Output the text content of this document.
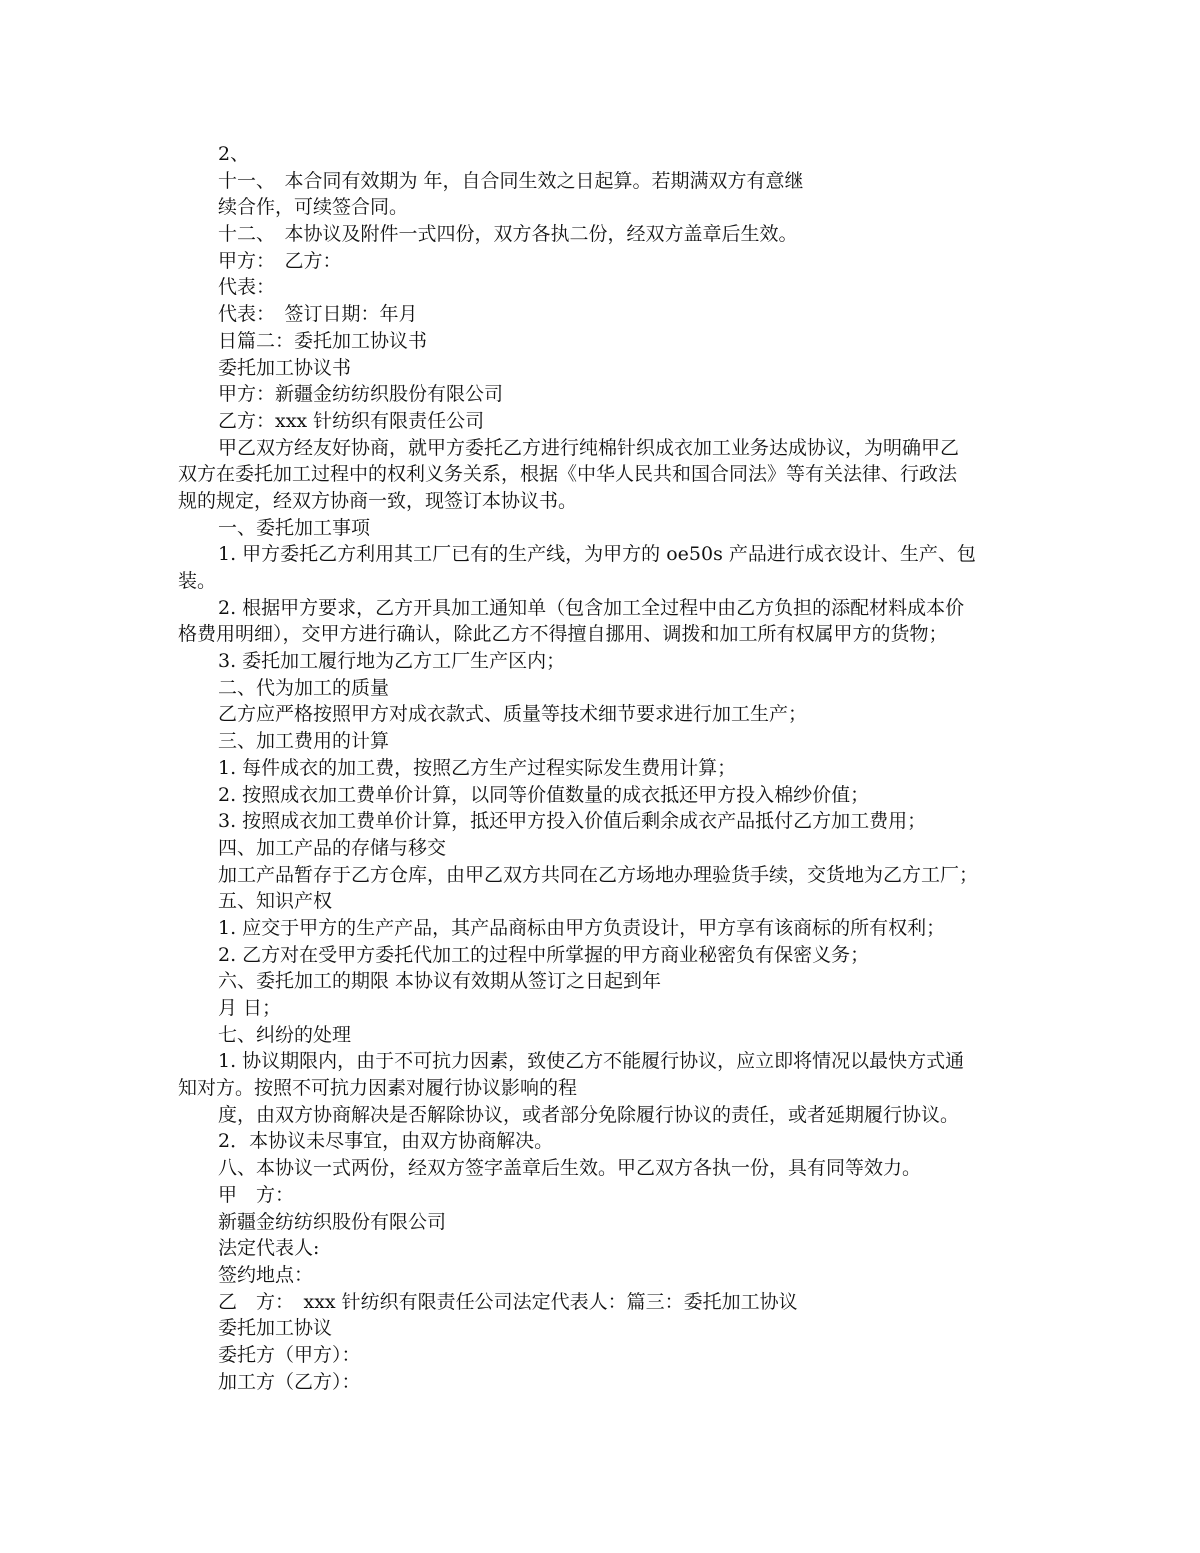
2、

十一、　本合同有效期为 年，自合同生效之日起算。若期满双方有意继

续合作，可续签合同。

十二、　本协议及附件一式四份，双方各执二份，经双方盖章后生效。

甲方：　乙方：

代表：

代表：　签订日期：年月

日篇二：委托加工协议书

委托加工协议书

甲方：新疆金纺纺织股份有限公司

乙方：xxx 针纺织有限责任公司

甲乙双方经友好协商，就甲方委托乙方进行纯棉针织成衣加工业务达成协议，为明确甲乙

双方在委托加工过程中的权利义务关系，根据《中华人民共和国合同法》等有关法律、行政法

规的规定，经双方协商一致，现签订本协议书。

一、委托加工事项

1. 甲方委托乙方利用其工厂已有的生产线，为甲方的 oe50s 产品进行成衣设计、生产、包

装。

2. 根据甲方要求，乙方开具加工通知单（包含加工全过程中由乙方负担的添配材料成本价

格费用明细），交甲方进行确认，除此乙方不得擅自挪用、调拨和加工所有权属甲方的货物；

3. 委托加工履行地为乙方工厂生产区内；

二、代为加工的质量

乙方应严格按照甲方对成衣款式、质量等技术细节要求进行加工生产；

三、加工费用的计算

1. 每件成衣的加工费，按照乙方生产过程实际发生费用计算；

2. 按照成衣加工费单价计算，以同等价值数量的成衣抵还甲方投入棉纱价值；

3. 按照成衣加工费单价计算，抵还甲方投入价值后剩余成衣产品抵付乙方加工费用；

四、加工产品的存储与移交

加工产品暂存于乙方仓库，由甲乙双方共同在乙方场地办理验货手续，交货地为乙方工厂；

五、知识产权

1. 应交于甲方的生产产品，其产品商标由甲方负责设计，甲方享有该商标的所有权利；

2. 乙方对在受甲方委托代加工的过程中所掌握的甲方商业秘密负有保密义务；

六、委托加工的期限 本协议有效期从签订之日起到年

月 日；

七、纠纷的处理

1. 协议期限内，由于不可抗力因素，致使乙方不能履行协议，应立即将情况以最快方式通

知对方。按照不可抗力因素对履行协议影响的程

度，由双方协商解决是否解除协议，或者部分免除履行协议的责任，或者延期履行协议。

2．本协议未尽事宜，由双方协商解决。

八、本协议一式两份，经双方签字盖章后生效。甲乙双方各执一份，具有同等效力。

甲　方：

新疆金纺纺织股份有限公司

法定代表人:

签约地点：

乙　方：　xxx 针纺织有限责任公司法定代表人：篇三：委托加工协议

委托加工协议

委托方（甲方）：

加工方（乙方）：
